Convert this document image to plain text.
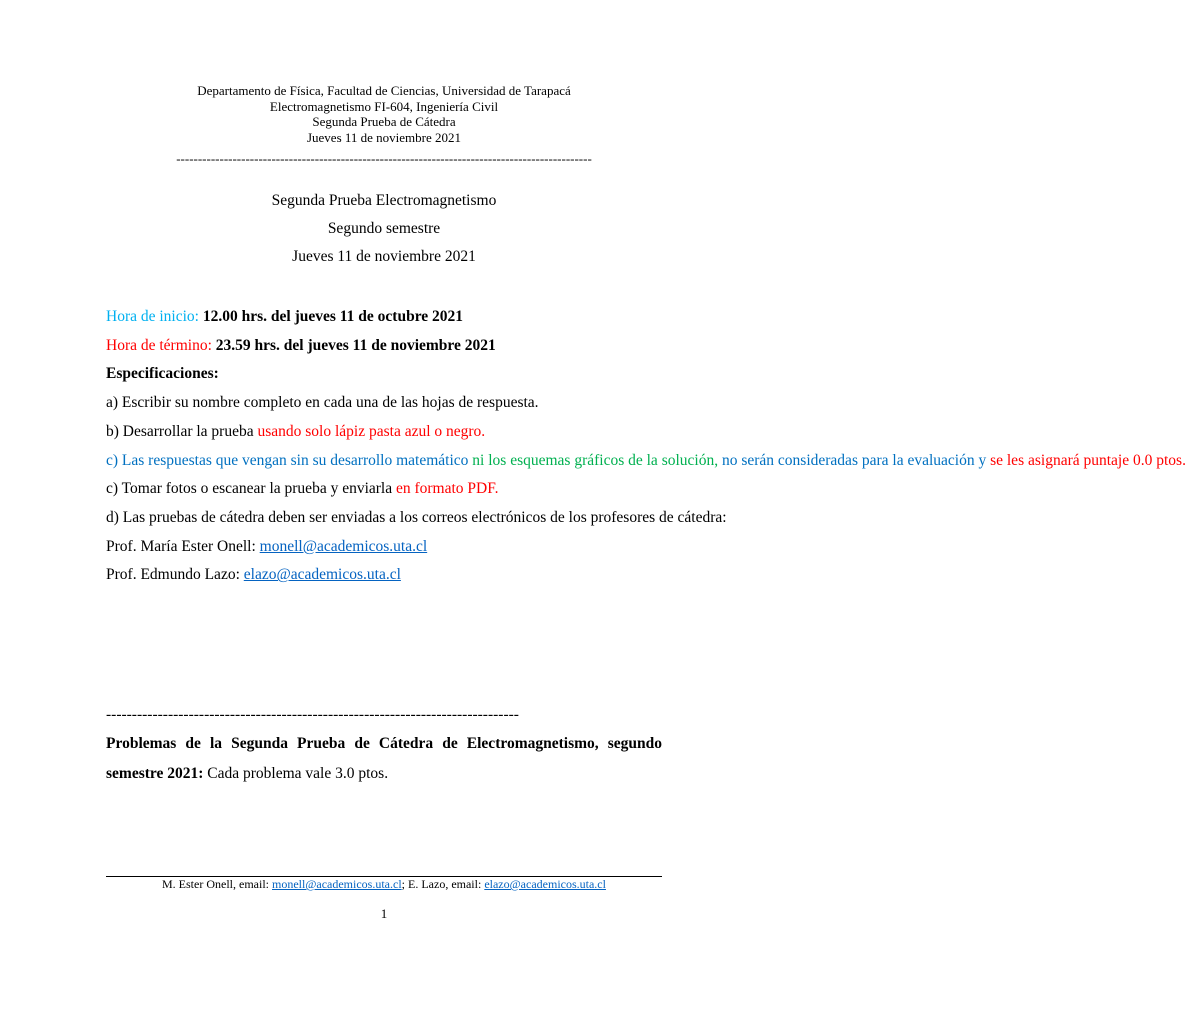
Departamento de Física, Facultad de Ciencias, Universidad de Tarapacá
Electromagnetismo FI-604, Ingeniería Civil
Segunda Prueba de Cátedra
Jueves 11 de noviembre 2021
------------------------------------------------------------------------------------------------
Segunda Prueba Electromagnetismo
Segundo semestre
Jueves 11 de noviembre 2021
Hora de inicio: 12.00 hrs. del jueves 11 de octubre 2021
Hora de término: 23.59 hrs. del jueves 11 de noviembre 2021
Especificaciones:
a) Escribir su nombre completo en cada una de las hojas de respuesta.
b) Desarrollar la prueba usando solo lápiz pasta azul o negro.
c) Las respuestas que vengan sin su desarrollo matemático ni los esquemas gráficos de la solución, no serán consideradas para la evaluación y se les asignará puntaje 0.0 ptos.
c) Tomar fotos o escanear la prueba y enviarla en formato PDF.
d) Las pruebas de cátedra deben ser enviadas a los correos electrónicos de los profesores de cátedra:
Prof. María Ester Onell: monell@academicos.uta.cl
Prof. Edmundo Lazo: elazo@academicos.uta.cl
--------------------------------------------------------------------------------
Problemas de la Segunda Prueba de Cátedra de Electromagnetismo, segundo semestre 2021: Cada problema vale 3.0 ptos.
M. Ester Onell, email: monell@academicos.uta.cl; E. Lazo, email: elazo@academicos.uta.cl
1
